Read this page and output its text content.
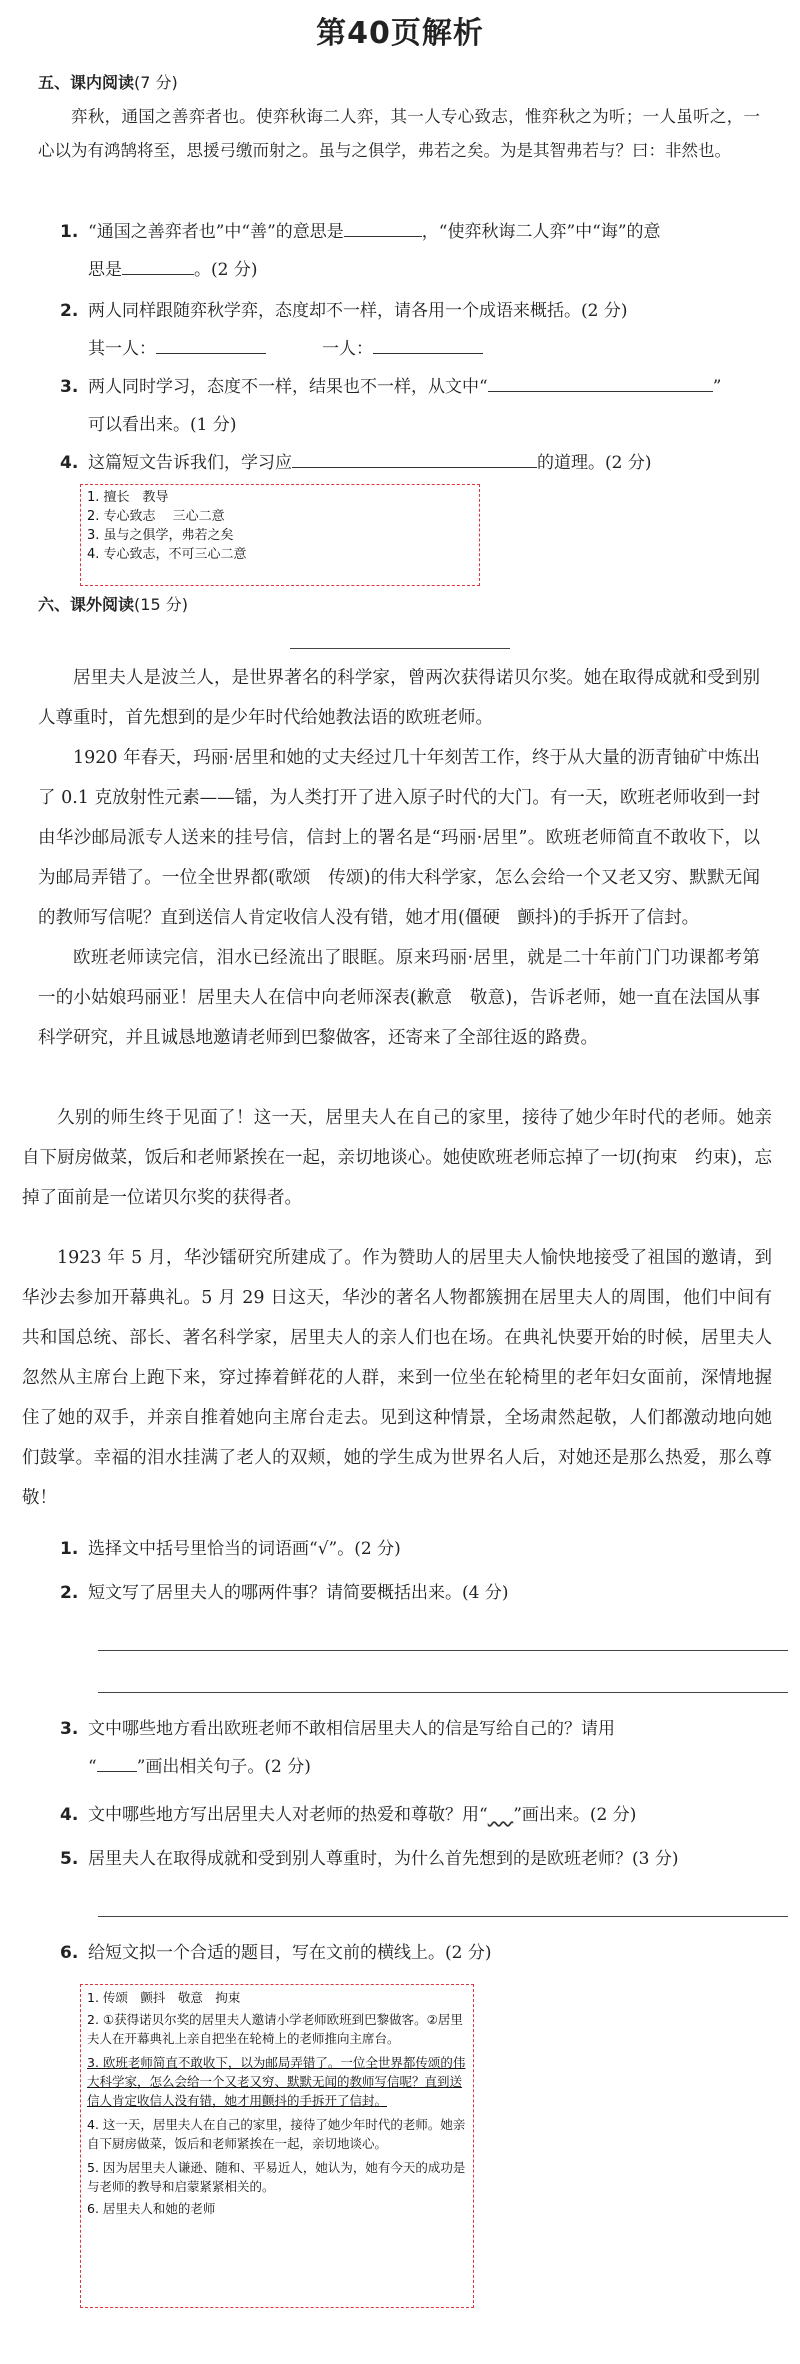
第40页解析
五、课内阅读(7 分)
弈秋，通国之善弈者也。使弈秋诲二人弈，其一人专心致志，惟弈秋之为听；一人虽听之，一心以为有鸿鹄将至，思援弓缴而射之。虽与之俱学，弗若之矣。为是其智弗若与？曰：非然也。
1. “通国之善弈者也”中“善”的意思是	，“使弈秋诲二人弈”中“诲”的意
思是	。(2 分)
2. 两人同样跟随弈秋学弈，态度却不一样，请各用一个成语来概括。(2 分)
其一人：	一人：
3. 两人同时学习，态度不一样，结果也不一样，从文中“	”
可以看出来。(1 分)
4. 这篇短文告诉我们，学习应	的道理。(2 分)
1. 擅长　教导
2. 专心致志　 三心二意
3. 虽与之俱学，弗若之矣
4. 专心致志，不可三心二意
六、课外阅读(15 分)
居里夫人是波兰人，是世界著名的科学家，曾两次获得诺贝尔奖。她在取得成就和受到别人尊重时，首先想到的是少年时代给她教法语的欧班老师。
1920 年春天，玛丽·居里和她的丈夫经过几十年刻苦工作，终于从大量的沥青铀矿中炼出了 0.1 克放射性元素——镭，为人类打开了进入原子时代的大门。有一天，欧班老师收到一封由华沙邮局派专人送来的挂号信，信封上的署名是“玛丽·居里”。欧班老师简直不敢收下，以为邮局弄错了。一位全世界都(歌颂　传颂)的伟大科学家，怎么会给一个又老又穷、默默无闻的教师写信呢？直到送信人肯定收信人没有错，她才用(僵硬　颤抖)的手拆开了信封。
欧班老师读完信，泪水已经流出了眼眶。原来玛丽·居里，就是二十年前门门功课都考第一的小姑娘玛丽亚！居里夫人在信中向老师深表(歉意　敬意)，告诉老师，她一直在法国从事科学研究，并且诚恳地邀请老师到巴黎做客，还寄来了全部往返的路费。
久别的师生终于见面了！这一天，居里夫人在自己的家里，接待了她少年时代的老师。她亲自下厨房做菜，饭后和老师紧挨在一起，亲切地谈心。她使欧班老师忘掉了一切(拘束　约束)，忘掉了面前是一位诺贝尔奖的获得者。
1923 年 5 月，华沙镭研究所建成了。作为赞助人的居里夫人愉快地接受了祖国的邀请，到华沙去参加开幕典礼。5 月 29 日这天，华沙的著名人物都簇拥在居里夫人的周围，他们中间有共和国总统、部长、著名科学家，居里夫人的亲人们也在场。在典礼快要开始的时候，居里夫人忽然从主席台上跑下来，穿过捧着鲜花的人群，来到一位坐在轮椅里的老年妇女面前，深情地握住了她的双手，并亲自推着她向主席台走去。见到这种情景，全场肃然起敬，人们都激动地向她们鼓掌。幸福的泪水挂满了老人的双颊，她的学生成为世界名人后，对她还是那么热爱，那么尊敬！
1. 选择文中括号里恰当的词语画“√”。(2 分)
2. 短文写了居里夫人的哪两件事？请简要概括出来。(4 分)
3. 文中哪些地方看出欧班老师不敢相信居里夫人的信是写给自己的？请用
“ ”画出相关句子。(2 分)
4. 文中哪些地方写出居里夫人对老师的热爱和尊敬？用“    ”画出来。(2 分)
5. 居里夫人在取得成就和受到别人尊重时，为什么首先想到的是欧班老师？(3 分)
6. 给短文拟一个合适的题目，写在文前的横线上。(2 分)
1. 传颂　颤抖　敬意　拘束
2. ①获得诺贝尔奖的居里夫人邀请小学老师欧班到巴黎做客。②居里夫人在开幕典礼上亲自把坐在轮椅上的老师推向主席台。
3. 欧班老师简直不敢收下，以为邮局弄错了。一位全世界都传颂的伟大科学家，怎么会给一个又老又穷、默默无闻的教师写信呢？直到送信人肯定收信人没有错，她才用颤抖的手拆开了信封。
4. 这一天，居里夫人在自己的家里，接待了她少年时代的老师。她亲自下厨房做菜，饭后和老师紧挨在一起，亲切地谈心。
5. 因为居里夫人谦逊、随和、平易近人，她认为，她有今天的成功是与老师的教导和启蒙紧紧相关的。
6. 居里夫人和她的老师
